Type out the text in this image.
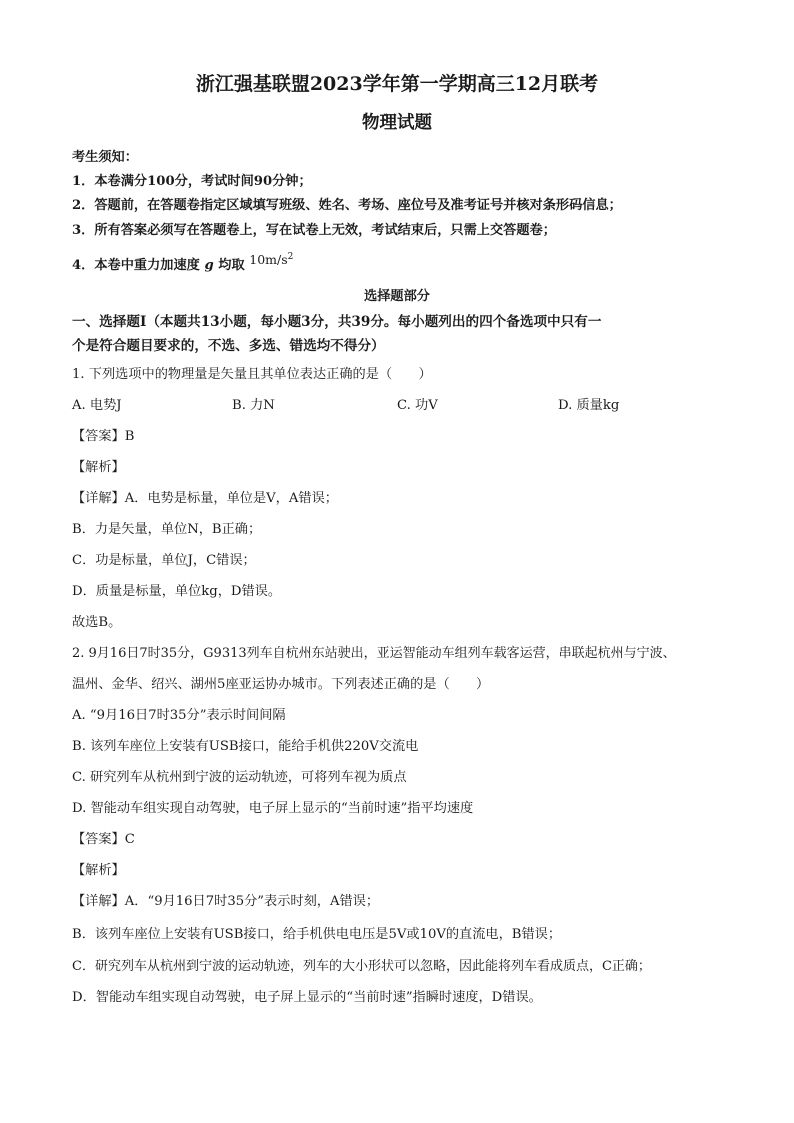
浙江强基联盟2023学年第一学期高三12月联考
物理试题
考生须知：
1．本卷满分100分，考试时间90分钟；
2．答题前，在答题卷指定区域填写班级、姓名、考场、座位号及准考证号并核对条形码信息；
3．所有答案必须写在答题卷上，写在试卷上无效，考试结束后，只需上交答题卷；
4．本卷中重力加速度 g 均取 $10m/s^2$
选择题部分
一、选择题Ⅰ（本题共13小题，每小题3分，共39分。每小题列出的四个备选项中只有一
个是符合题目要求的，不选、多选、错选均不得分）
1. 下列选项中的物理量是矢量且其单位表达正确的是（　　）
A. 电势J	B. 力N	C. 功V	D. 质量kg
【答案】B
【解析】
【详解】A．电势是标量，单位是V，A错误；
B．力是矢量，单位N，B正确；
C．功是标量，单位J，C错误；
D．质量是标量，单位kg，D错误。
故选B。
2. 9月16日7时35分，G9313列车自杭州东站驶出，亚运智能动车组列车载客运营，串联起杭州与宁波、
温州、金华、绍兴、湖州5座亚运协办城市。下列表述正确的是（　　）
A. “9月16日7时35分”表示时间间隔
B. 该列车座位上安装有USB接口，能给手机供220V交流电
C. 研究列车从杭州到宁波的运动轨迹，可将列车视为质点
D. 智能动车组实现自动驾驶，电子屏上显示的“当前时速”指平均速度
【答案】C
【解析】
【详解】A．“9月16日7时35分”表示时刻，A错误；
B．该列车座位上安装有USB接口，给手机供电电压是5V或10V的直流电，B错误；
C．研究列车从杭州到宁波的运动轨迹，列车的大小形状可以忽略，因此能将列车看成质点，C正确；
D．智能动车组实现自动驾驶，电子屏上显示的“当前时速”指瞬时速度，D错误。
